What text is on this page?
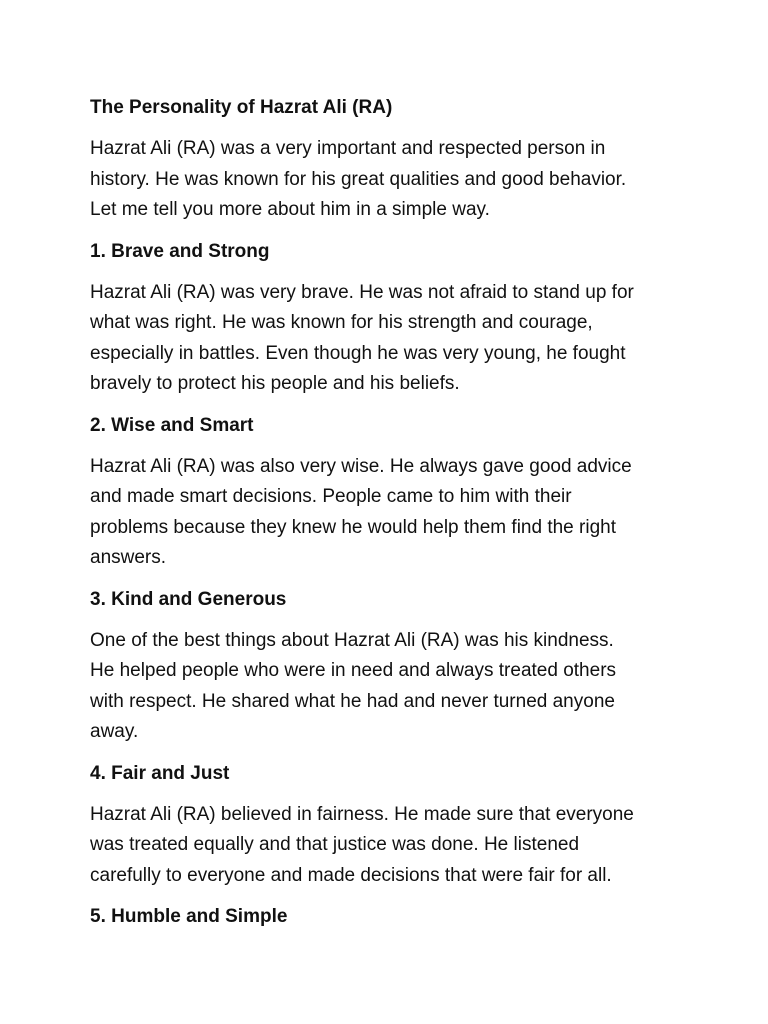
The Personality of Hazrat Ali (RA)

Hazrat Ali (RA) was a very important and respected person in
history. He was known for his great qualities and good behavior.
Let me tell you more about him in a simple way.

1. Brave and Strong

Hazrat Ali (RA) was very brave. He was not afraid to stand up for
what was right. He was known for his strength and courage,
especially in battles. Even though he was very young, he fought
bravely to protect his people and his beliefs.

2. Wise and Smart

Hazrat Ali (RA) was also very wise. He always gave good advice
and made smart decisions. People came to him with their
problems because they knew he would help them find the right
answers.

3. Kind and Generous

One of the best things about Hazrat Ali (RA) was his kindness.
He helped people who were in need and always treated others
with respect. He shared what he had and never turned anyone
away.

4. Fair and Just

Hazrat Ali (RA) believed in fairness. He made sure that everyone
was treated equally and that justice was done. He listened
carefully to everyone and made decisions that were fair for all.

5. Humble and Simple
